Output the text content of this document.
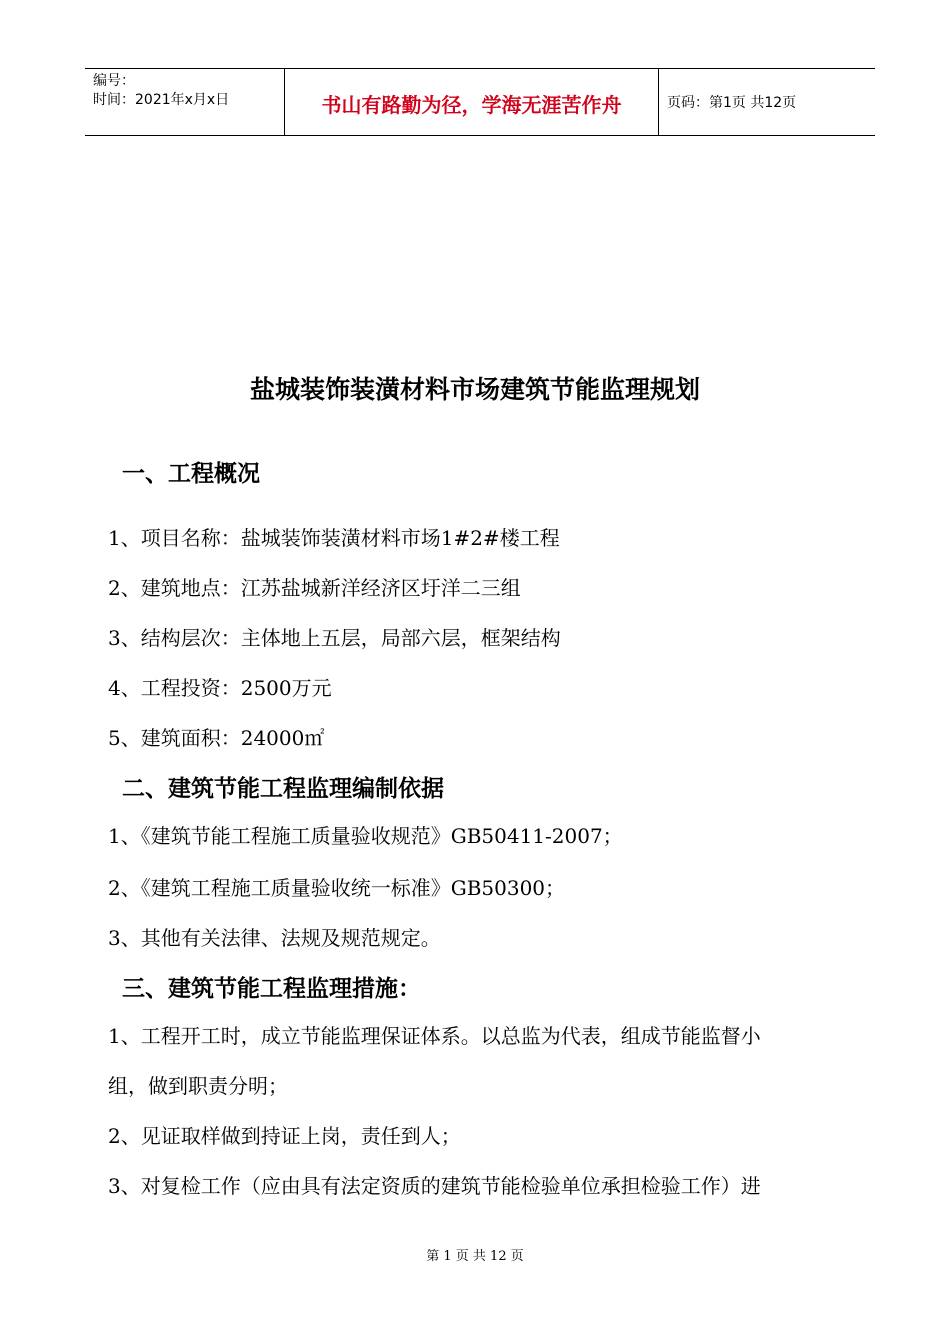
编号：
时间：2021年x月x日	书山有路勤为径，学海无涯苦作舟	页码：第1页 共12页
盐城装饰装潢材料市场建筑节能监理规划
一、工程概况
1、项目名称：盐城装饰装潢材料市场1#2#楼工程
2、建筑地点：江苏盐城新洋经济区圩洋二三组
3、结构层次：主体地上五层，局部六层，框架结构
4、工程投资：2500万元
5、建筑面积：24000㎡
二、建筑节能工程监理编制依据
1、《建筑节能工程施工质量验收规范》GB50411-2007；
2、《建筑工程施工质量验收统一标准》GB50300；
3、其他有关法律、法规及规范规定。
三、建筑节能工程监理措施：
1、工程开工时，成立节能监理保证体系。以总监为代表，组成节能监督小
组，做到职责分明；
2、见证取样做到持证上岗，责任到人；
3、对复检工作（应由具有法定资质的建筑节能检验单位承担检验工作）进
第 1 页 共 12 页
